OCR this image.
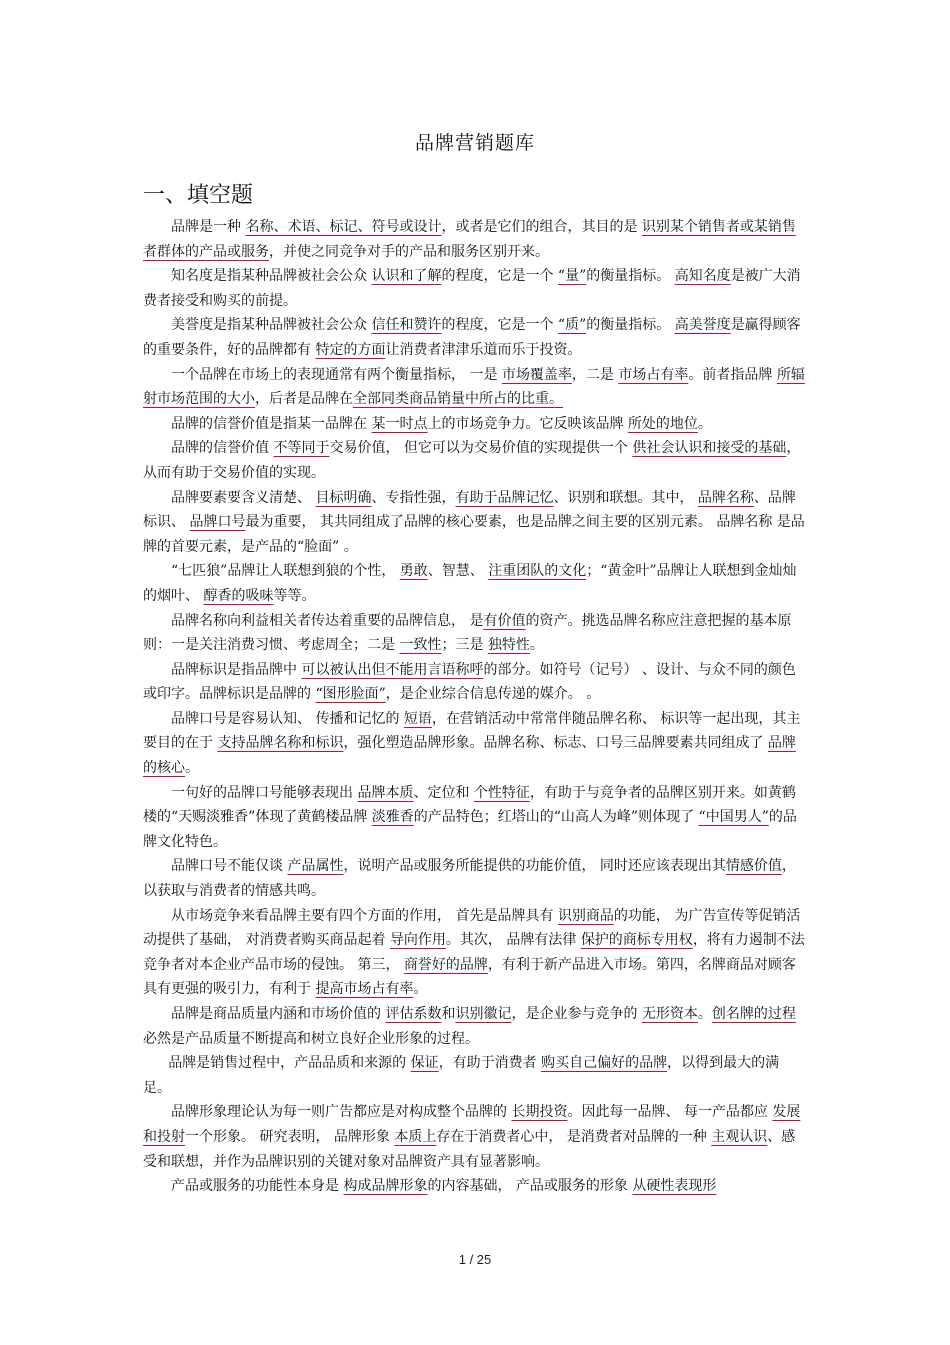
品牌营销题库
一、填空题

品牌是一种 名称、术语、标记、符号或设计，或者是它们的组合，其目的是 识别某个销售者或某销售者群体的产品或服务，并使之同竞争对手的产品和服务区别开来。

知名度是指某种品牌被社会公众 认识和了解的程度，它是一个 “量”的衡量指标。 高知名度是被广大消费者接受和购买的前提。

美誉度是指某种品牌被社会公众 信任和赞许的程度，它是一个 “质”的衡量指标。 高美誉度是赢得顾客的重要条件，好的品牌都有 特定的方面让消费者津津乐道而乐于投资。

一个品牌在市场上的表现通常有两个衡量指标， 一是 市场覆盖率，二是 市场占有率。前者指品牌 所辐射市场范围的大小，后者是品牌在全部同类商品销量中所占的比重。

品牌的信誉价值是指某一品牌在 某一时点上的市场竞争力。它反映该品牌 所处的地位。

品牌的信誉价值 不等同于交易价值， 但它可以为交易价值的实现提供一个 供社会认识和接受的基础，从而有助于交易价值的实现。

品牌要素要含义清楚、 目标明确、专指性强，有助于品牌记忆、识别和联想。其中， 品牌名称、品牌标识、 品牌口号最为重要， 其共同组成了品牌的核心要素，也是品牌之间主要的区别元素。 品牌名称 是品牌的首要元素，是产品的“脸面” 。

“七匹狼”品牌让人联想到狼的个性， 勇敢、智慧、 注重团队的文化；“黄金叶”品牌让人联想到金灿灿的烟叶、 醇香的吸味等等。

品牌名称向利益相关者传达着重要的品牌信息， 是有价值的资产。挑选品牌名称应注意把握的基本原则：一是关注消费习惯、考虑周全；二是 一致性；三是 独特性。

品牌标识是指品牌中 可以被认出但不能用言语称呼的部分。如符号（记号） 、设计、与众不同的颜色或印字。品牌标识是品牌的 “图形脸面”，是企业综合信息传递的媒介。 。

品牌口号是容易认知、 传播和记忆的 短语，在营销活动中常常伴随品牌名称、 标识等一起出现，其主要目的在于 支持品牌名称和标识，强化塑造品牌形象。品牌名称、标志、口号三品牌要素共同组成了 品牌的核心。

一句好的品牌口号能够表现出 品牌本质、定位和 个性特征，有助于与竞争者的品牌区别开来。如黄鹤楼的“天赐淡雅香”体现了黄鹤楼品牌 淡雅香的产品特色；红塔山的“山高人为峰”则体现了 “中国男人”的品牌文化特色。

品牌口号不能仅谈 产品属性，说明产品或服务所能提供的功能价值， 同时还应该表现出其情感价值，以获取与消费者的情感共鸣。

从市场竞争来看品牌主要有四个方面的作用， 首先是品牌具有 识别商品的功能， 为广告宣传等促销活动提供了基础， 对消费者购买商品起着 导向作用。其次， 品牌有法律 保护的商标专用权，将有力遏制不法竞争者对本企业产品市场的侵蚀。 第三， 商誉好的品牌，有利于新产品进入市场。第四，名牌商品对顾客具有更强的吸引力，有利于 提高市场占有率。

品牌是商品质量内涵和市场价值的 评估系数和识别徽记，是企业参与竞争的 无形资本。创名牌的过程必然是产品质量不断提高和树立良好企业形象的过程。

品牌是销售过程中，产品品质和来源的 保证，有助于消费者 购买自己偏好的品牌，以得到最大的满足。

品牌形象理论认为每一则广告都应是对构成整个品牌的 长期投资。因此每一品牌、 每一产品都应 发展和投射一个形象。 研究表明， 品牌形象 本质上存在于消费者心中， 是消费者对品牌的一种 主观认识、感受和联想，并作为品牌识别的关键对象对品牌资产具有显著影响。

产品或服务的功能性本身是 构成品牌形象的内容基础， 产品或服务的形象 从硬性表现形

1 / 25
